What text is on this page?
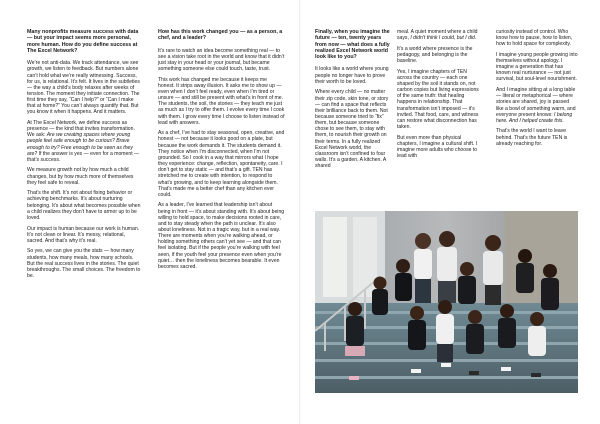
Many nonprofits measure success with data — but your impact seems more personal, more human. How do you define success at The Excel Network?

We’re not anti-data. We track attendance, we see growth, we listen to feedback. But numbers alone can’t hold what we’re really witnessing. Success, for us, is relational. It’s felt. It lives in the subtleties — the way a child’s body relaxes after weeks of tension. The moment they initiate connection. The first time they say, “Can I help?” or “Can I make that at home?” You can’t always quantify that. But you know it when it happens. And it matters.

At The Excel Network, we define success as presence — the kind that invites transformation. We ask: Are we creating spaces where young people feel safe enough to be curious? Brave enough to try? Free enough to be seen as they are? If the answer is yes — even for a moment — that’s success.

We measure growth not by how much a child changes, but by how much more of themselves they feel safe to reveal.

That’s the shift. It’s not about fixing behavior or achieving benchmarks. It’s about nurturing belonging. It’s about what becomes possible when a child realizes they don’t have to armor up to be loved.

Our impact is human because our work is human. It’s not clean or linear. It’s messy, relational, sacred. And that’s why it’s real.

So yes, we can give you the stats — how many students, how many meals, how many schools. But the real success lives in the stories. The quiet breakthroughs. The small choices. The freedom to be.

How has this work changed you — as a person, a chef, and a leader?

It’s rare to watch an idea become something real — to see a vision take root in the world and know that it didn’t just stay in your head or your journal, but became something someone else could touch, taste, trust.

This work has changed me because it keeps me honest. It strips away illusion. It asks me to show up — even when I don’t feel ready, even when I’m tired or unsure — and still be present with what’s in front of me. The students, the soil, the stories — they teach me just as much as I try to offer them. I evolve every time I cook with them. I grow every time I choose to listen instead of lead with answers.

As a chef, I’ve had to stay seasonal, open, creative, and honest — not because it looks good on a plate, but because the work demands it. The students demand it. They notice when I’m disconnected, when I’m not grounded. So I cook in a way that mirrors what I hope they experience: change, reflection, spontaneity, care. I don’t get to stay static — and that’s a gift. TEN has stretched me to create with intention, to respond to what’s growing, and to keep learning alongside them. That’s made me a better chef than any kitchen ever could.

As a leader, I’ve learned that leadership isn’t about being in front — it’s about standing with. It’s about being willing to hold space, to make decisions rooted in care, and to stay steady when the path is unclear. It’s also about loneliness. Not in a tragic way, but in a real way. There are moments when you’re walking ahead, or holding something others can’t yet see — and that can feel isolating. But if the people you’re walking with feel seen, if the youth feel your presence even when you’re quiet… then the loneliness becomes bearable. It even becomes sacred.

Finally, when you imagine the future — ten, twenty years from now — what does a fully realized Excel Network world look like to you?

It looks like a world where young people no longer have to prove their worth to be loved.

Where every child — no matter their zip code, skin tone, or story — can find a space that reflects their brilliance back to them. Not because someone tried to “fix” them, but because someone chose to see them, to stay with them, to nourish their growth on their terms. In a fully realized Excel Network world, the classroom isn’t confined to four walls. It’s a garden. A kitchen. A shared

meal. A quiet moment where a child says, I didn’t think I could, but I did.

It’s a world where presence is the pedagogy, and belonging is the baseline.

Yes, I imagine chapters of TEN across the country — each one shaped by the soil it stands on, not carbon copies but living expressions of the same truth: that healing happens in relationship. That transformation isn’t imposed — it’s invited. That food, care, and witness can restore what disconnection has taken.

But even more than physical chapters, I imagine a cultural shift. I imagine more adults who choose to lead with

curiosity instead of control. Who know how to pause, how to listen, how to hold space for complexity.

I imagine young people growing into themselves without apology. I imagine a generation that has known real nurturance — not just survival, but soul-level nourishment.

And I imagine sitting at a long table — literal or metaphorical — where stories are shared, joy is passed like a bowl of something warm, and everyone present knows: I belong here. And I helped create this.

That’s the world I want to leave behind. That’s the future TEN is already reaching for.
